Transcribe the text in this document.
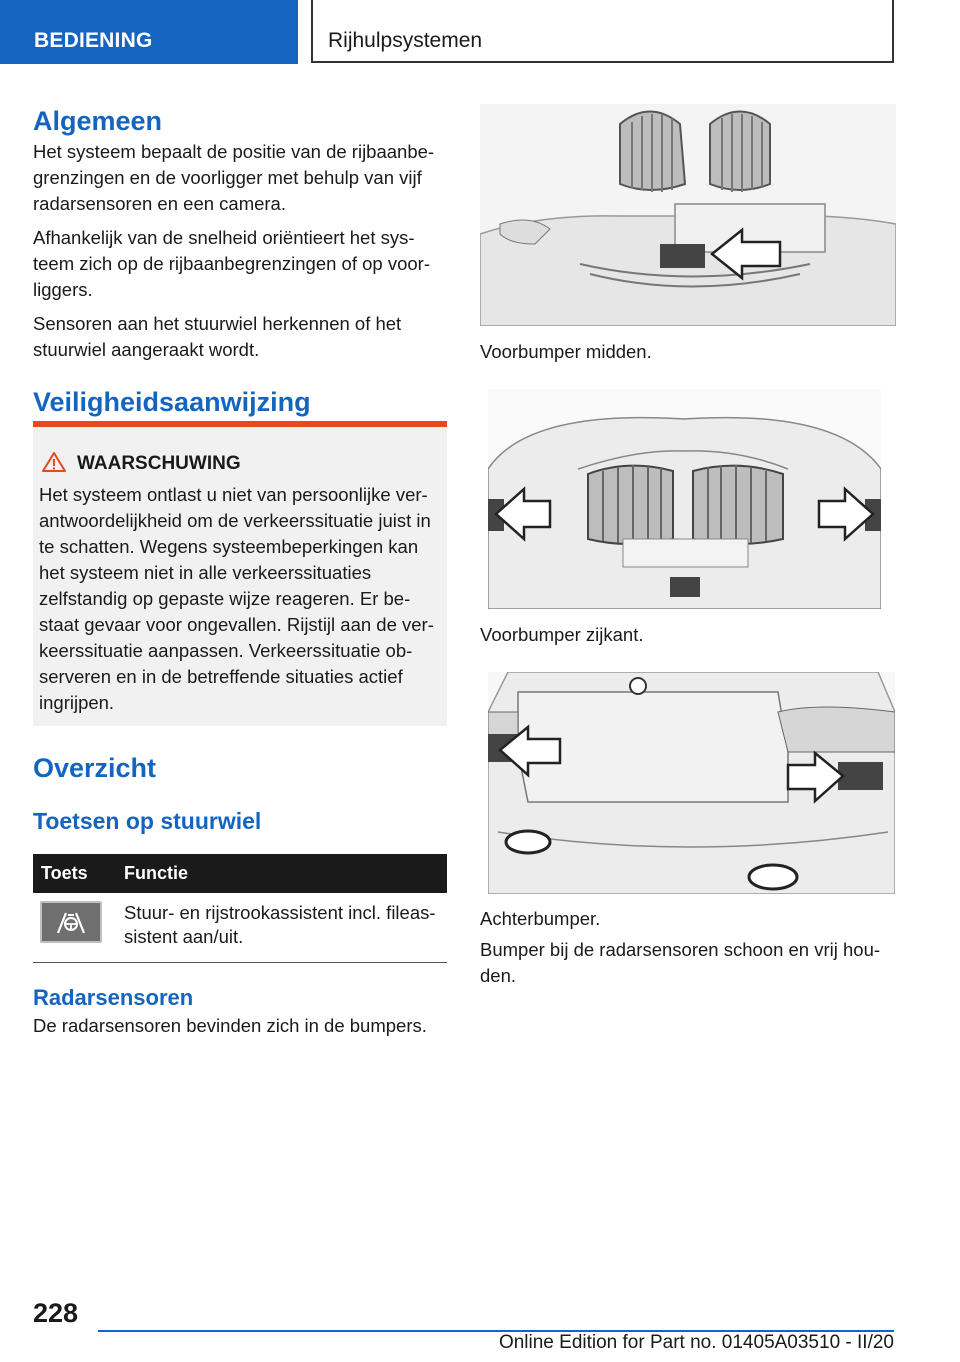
BEDIENING	Rijhulpsystemen
Algemeen

Het systeem bepaalt de positie van de rijbaanbegrenzingen en de voorligger met behulp van vijf radarsensoren en een camera.

Afhankelijk van de snelheid oriëntieert het systeem zich op de rijbaanbegrenzingen of op voorliggers.

Sensoren aan het stuurwiel herkennen of het stuurwiel aangeraakt wordt.

Veiligheidsaanwijzing
WAARSCHUWING
Het systeem ontlast u niet van persoonlijke verantwoordelijkheid om de verkeerssituatie juist in te schatten. Wegens systeembeperkingen kan het systeem niet in alle verkeerssituaties zelfstandig op gepaste wijze reageren. Er bestaat gevaar voor ongevallen. Rijstijl aan de verkeerssituatie aanpassen. Verkeerssituatie observeren en in de betreffende situaties actief ingrijpen.
Overzicht
Toetsen op stuurwiel
Toets	Functie

	Stuur- en rijstrookassistent incl. fileassistent aan/uit.
Radarsensoren

De radarsensoren bevinden zich in de bumpers.

Voorbumper midden.
Voorbumper zijkant.
Achterbumper.
Bumper bij de radarsensoren schoon en vrij houden.
228
Online Edition for Part no. 01405A03510 - II/20
